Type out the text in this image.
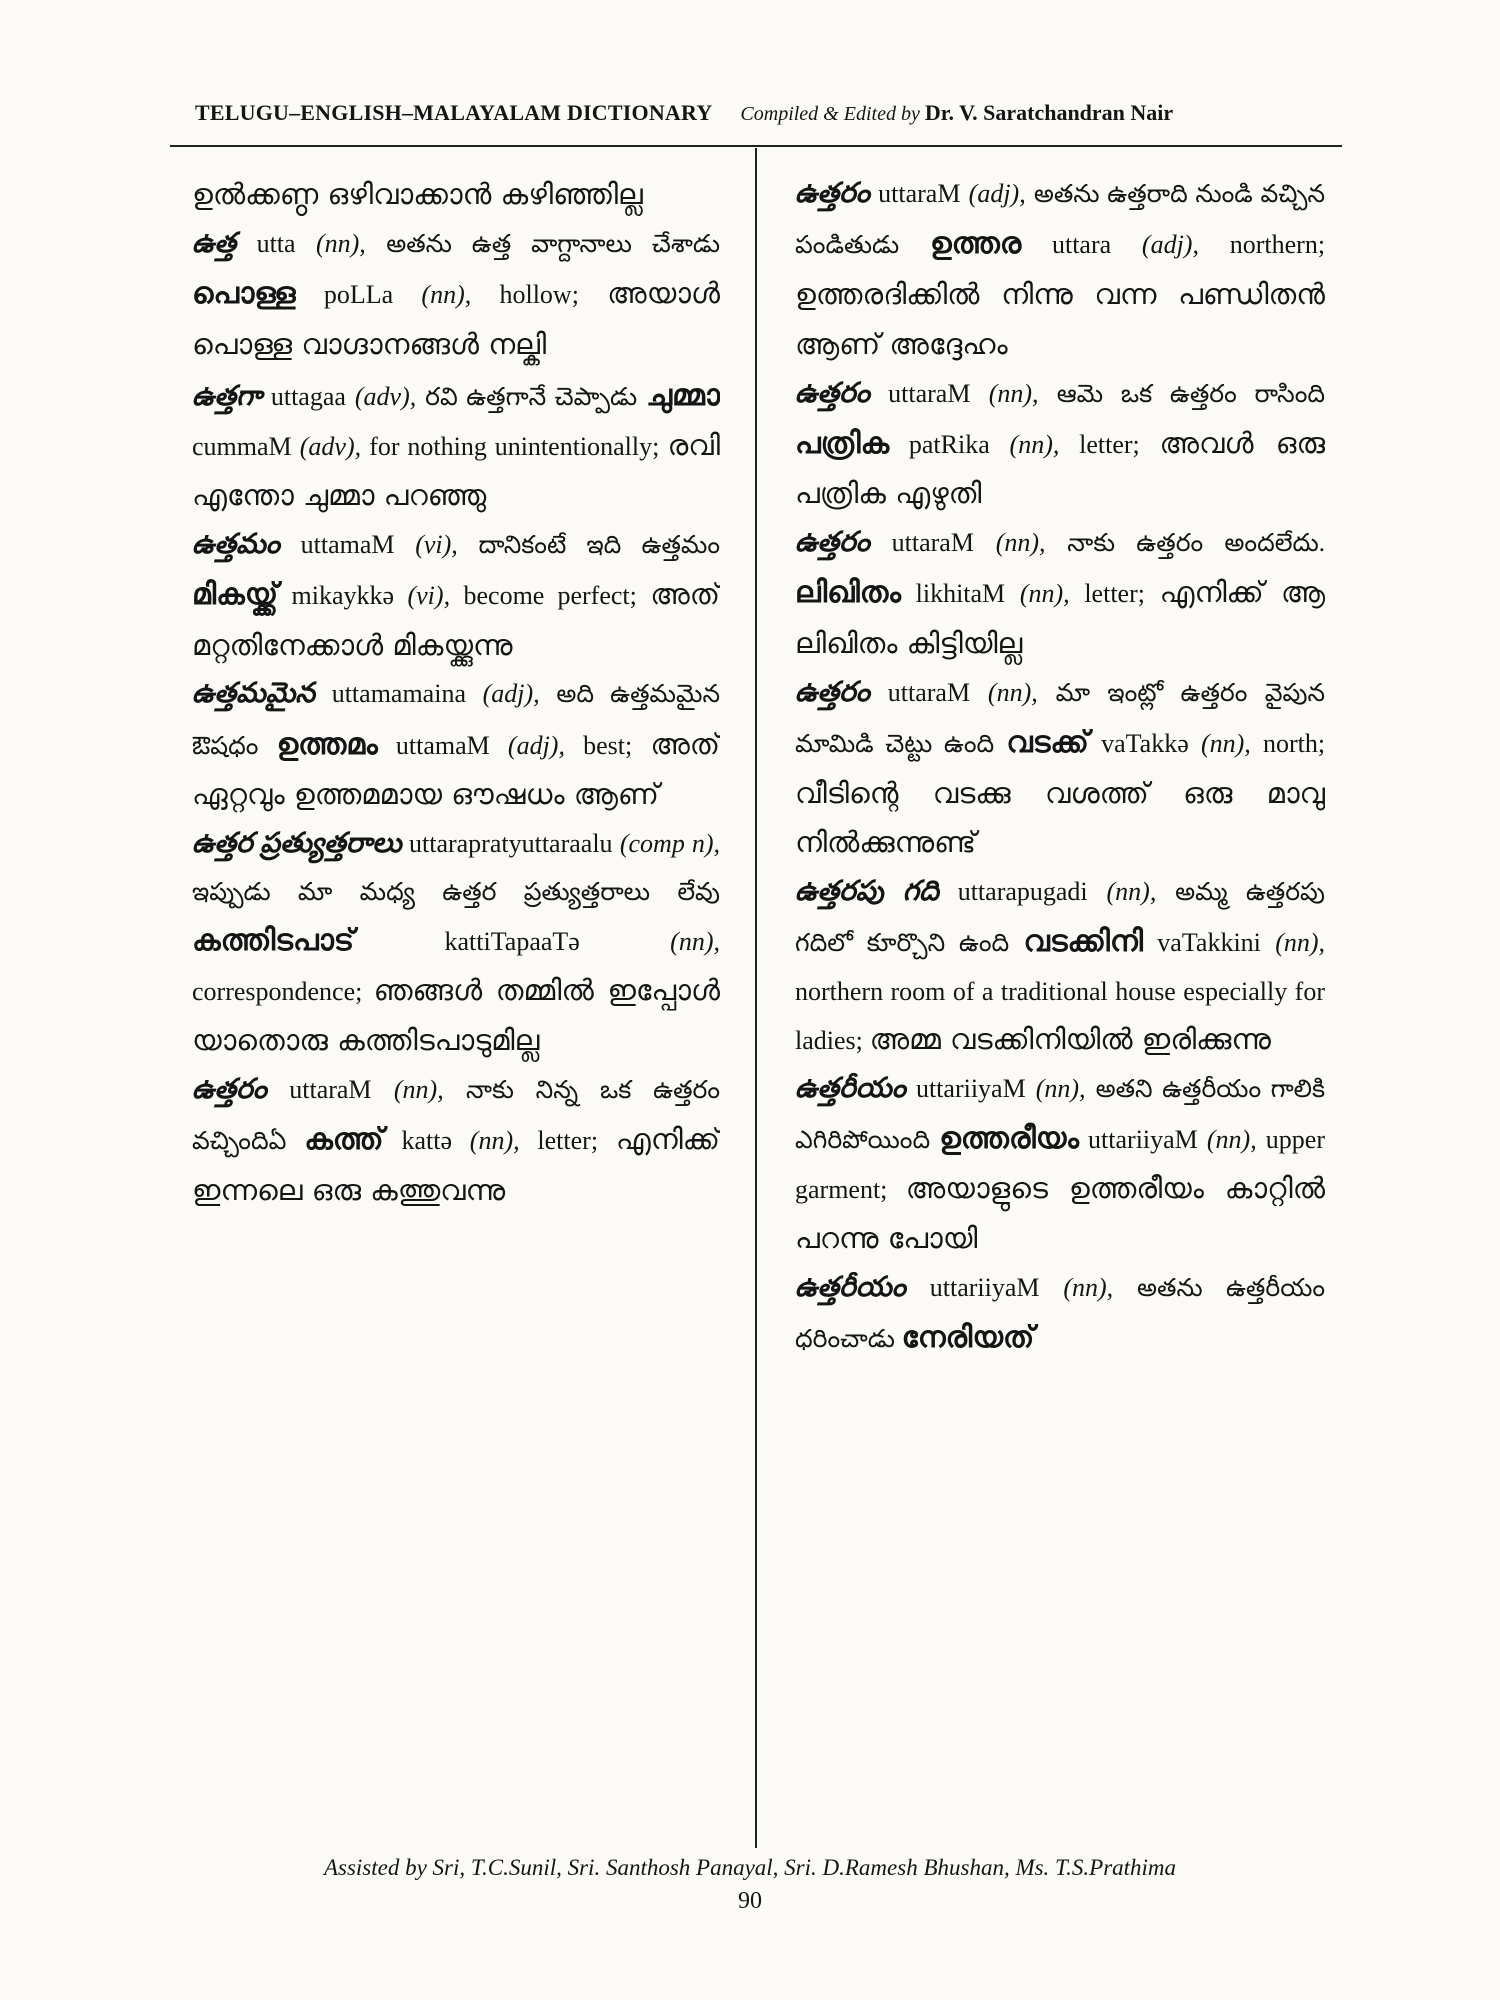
TELUGU–ENGLISH–MALAYALAM DICTIONARY Compiled & Edited by Dr. V. Saratchandran Nair

ഉൽക്കണ്ഠ ഒഴിവാക്കാൻ കഴിഞ്ഞില്ല

ఉత్త utta (nn), అతను ఉత్త వాగ్దానాలు చేశాడు പൊള്ള poLLa (nn), hollow; അയാൾ പൊള്ള വാഗ്ദാനങ്ങൾ നല്കി

ఉత్తగా uttagaa (adv), రవి ఉత్తగానే చెప్పాడు ചുമ്മാ cummaM (adv), for nothing unintentionally; രവി എന്തോ ചുമ്മാ പറഞ്ഞു

ఉత్తమం uttamaM (vi), దానికంటే ఇది ఉత్తమం മികയ്ക്ക് mikaykkə (vi), become perfect; അത് മറ്റതിനേക്കാൾ മികയ്ക്കുന്നു

ఉత్తమమైన uttamamaina (adj), అది ఉత్తమమైన ఔషధం ഉത്തമം uttamaM (adj), best; അത് ഏറ്റവും ഉത്തമമായ ഔഷധം ആണ്

ఉత్తర ప్రత్యుత్తరాలు uttarapratyuttaraalu (comp n), ఇప్పుడు మా మధ్య ఉత్తర ప్రత్యుత్తరాలు లేవు കത്തിടപാട്	kattiTapaaTə	(nn), correspondence; ഞങ്ങൾ തമ്മിൽ ഇപ്പോൾ യാതൊരു കത്തിടപാടുമില്ല

ఉత్తరం uttaraM (nn), నాకు నిన్న ఒక ఉత్తరం వచ్చిందిఏ കത്ത് kattə (nn), letter; എനിക്ക് ഇന്നലെ ഒരു കത്തുവന്നു

ఉత్తరం uttaraM (adj), అతను ఉత్తరాది నుండి వచ్చిన పండితుడు ഉത്തര uttara (adj), northern; ഉത്തരദിക്കിൽ നിന്നു വന്ന പണ്ഡിതൻ ആണ് അദ്ദേഹം

ఉత్తరం uttaraM (nn), ఆమె ఒక ఉత్తరం రాసింది പത്രിക patRika (nn), letter; അവൾ ഒരു പത്രിക എഴുതി

ఉత్తరం uttaraM (nn), నాకు ఉత్తరం అందలేదు. ലിഖിതം likhitaM (nn), letter; എനിക്ക് ആ ലിഖിതം കിട്ടിയില്ല

ఉత్తరం uttaraM (nn), మా ఇంట్లో ఉత్తరం వైపున మామిడి చెట్టు ఉంది വടക്ക് vaTakkə (nn), north; വീടിന്റെ വടക്കു വശത്ത് ഒരു മാവു നിൽക്കുന്നുണ്ട്

ఉత్తరపు గది uttarapugadi (nn), అమ్మ ఉత్తరపు గదిలో కూర్చొని ఉంది വടക്കിനി vaTakkini (nn), northern room of a traditional house especially for ladies; അമ്മ വടക്കിനിയിൽ ഇരിക്കുന്നു

ఉత్తరీయం uttariiyaM (nn), అతని ఉత్తరీయం గాలికి ఎగిరిపోయింది ഉത്തരീയം uttariiyaM (nn), upper garment; അയാളുടെ ഉത്തരീയം കാറ്റിൽ പറന്നു പോയി

ఉత్తరీయం uttariiyaM (nn), అతను ఉత్తరీయం ధరించాడు നേരിയത്

Assisted by Sri, T.C.Sunil, Sri. Santhosh Panayal, Sri. D.Ramesh Bhushan, Ms. T.S.Prathima
90
